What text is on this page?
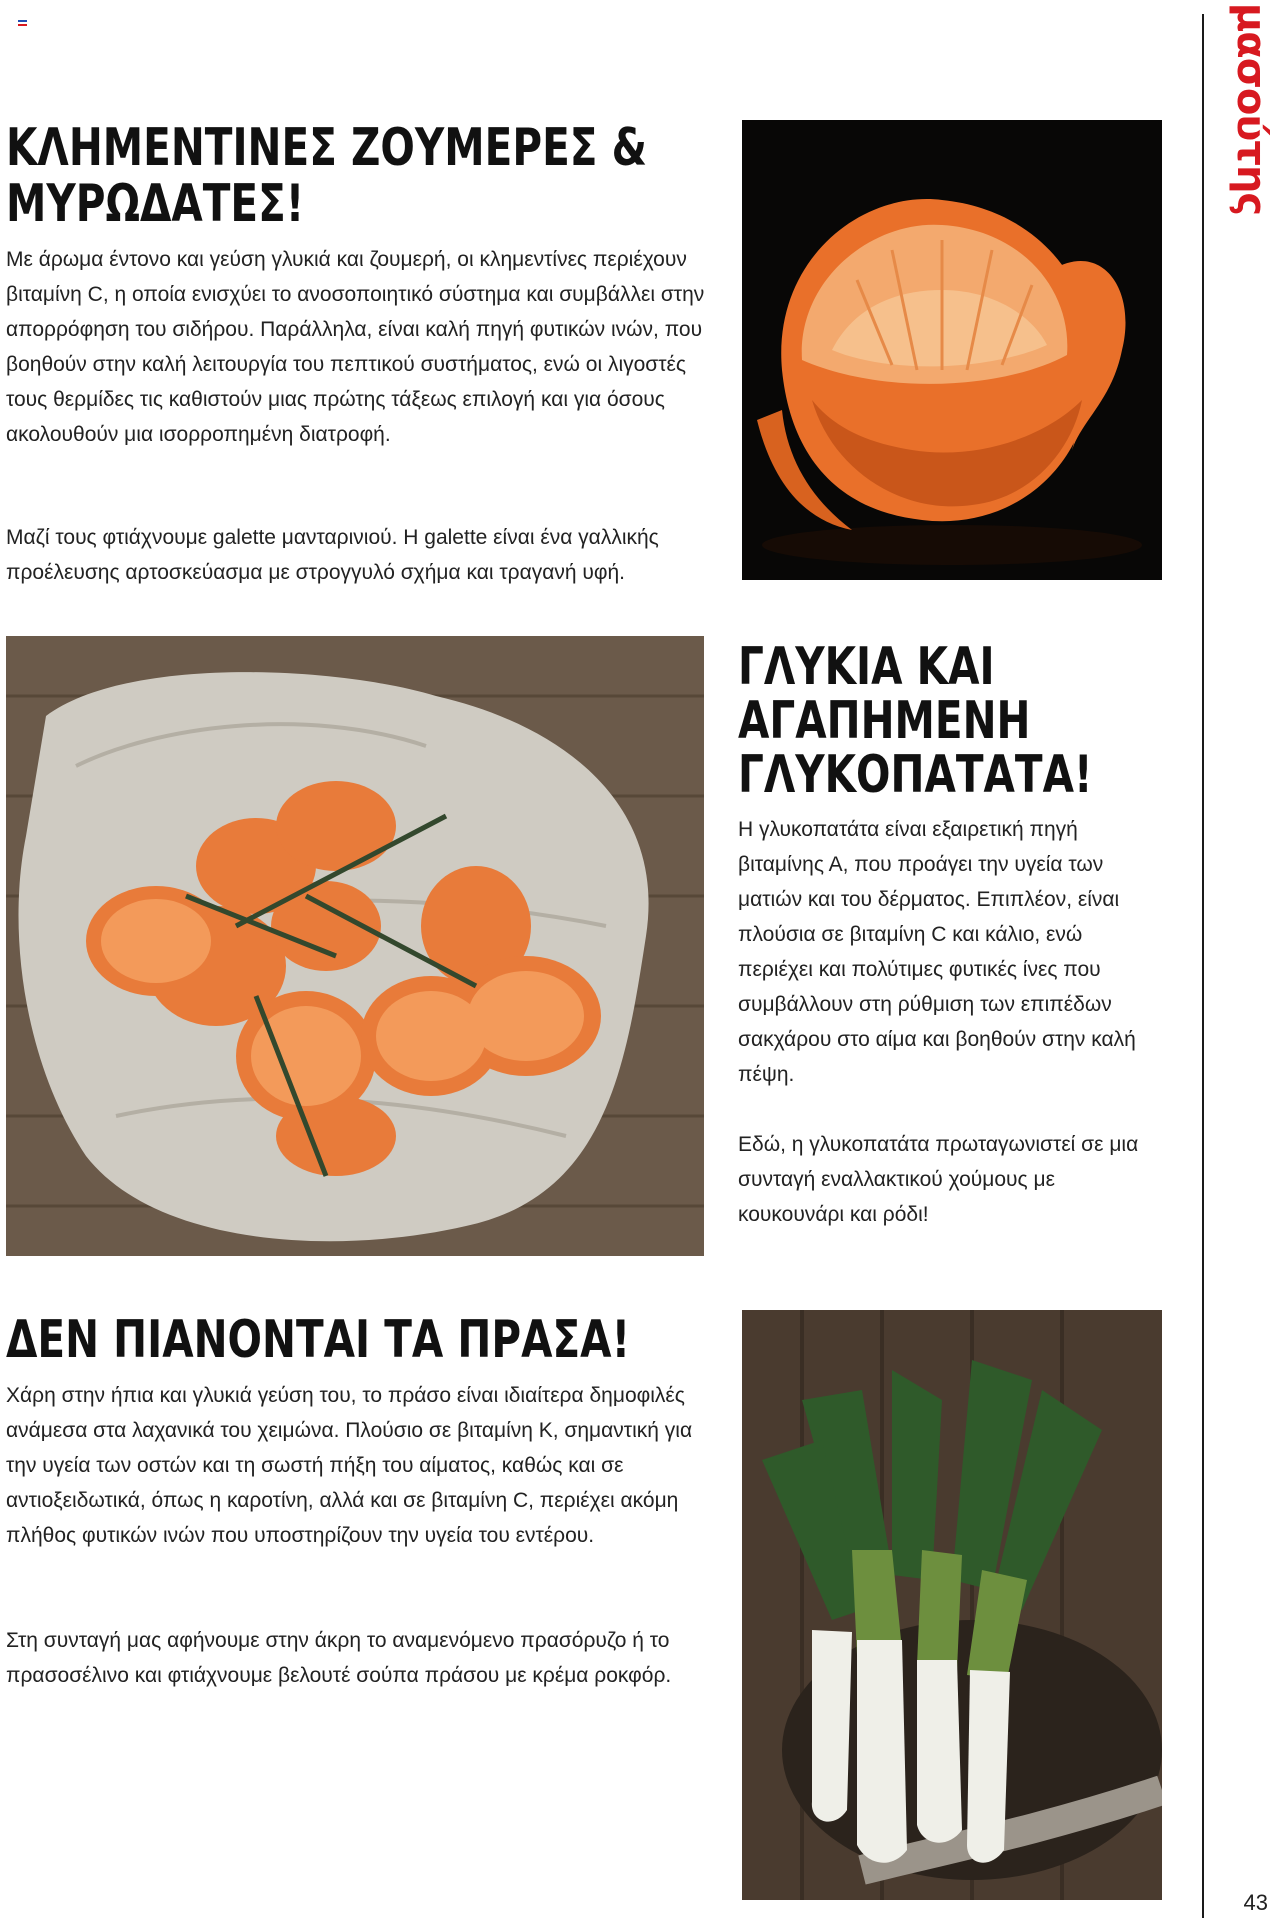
μασούτης
ΚΛΗΜΕΝΤΙΝΕΣ ΖΟΥΜΕΡΕΣ &
ΜΥΡΩΔΑΤΕΣ!

Με άρωμα έντονο και γεύση γλυκιά και ζουμερή, οι κλημεντίνες περιέχουν βιταμίνη C, η οποία ενισχύει το ανοσοποιητικό σύστημα και συμβάλλει στην απορρόφηση του σιδήρου. Παράλληλα, είναι καλή πηγή φυτικών ινών, που βοηθούν στην καλή λειτουργία του πεπτικού συστήματος, ενώ οι λιγοστές τους θερμίδες τις καθιστούν μιας πρώτης τάξεως επιλογή και για όσους ακολουθούν μια ισορροπημένη διατροφή.

Μαζί τους φτιάχνουμε galette μανταρινιού. Η galette είναι ένα γαλλικής προέλευσης αρτοσκεύασμα με στρογγυλό σχήμα και τραγανή υφή.

ΓΛΥΚΙΑ ΚΑΙ
ΑΓΑΠΗΜΕΝΗ
ΓΛΥΚΟΠΑΤΑΤΑ!

Η γλυκοπατάτα είναι εξαιρετική πηγή βιταμίνης Α, που προάγει την υγεία των ματιών και του δέρματος. Επιπλέον, είναι πλούσια σε βιταμίνη C και κάλιο, ενώ περιέχει και πολύτιμες φυτικές ίνες που συμβάλλουν στη ρύθμιση των επιπέδων σακχάρου στο αίμα και βοηθούν στην καλή πέψη.

Εδώ, η γλυκοπατάτα πρωταγωνιστεί σε μια συνταγή εναλλακτικού χούμους με κουκουνάρι και ρόδι!

ΔΕΝ ΠΙΑΝΟΝΤΑΙ ΤΑ ΠΡΑΣΑ!

Χάρη στην ήπια και γλυκιά γεύση του, το πράσο είναι ιδιαίτερα δημοφιλές ανάμεσα στα λαχανικά του χειμώνα. Πλούσιο σε βιταμίνη Κ, σημαντική για την υγεία των οστών και τη σωστή πήξη του αίματος, καθώς και σε αντιοξειδωτικά, όπως η καροτίνη, αλλά και σε βιταμίνη C, περιέχει ακόμη πλήθος φυτικών ινών που υποστηρίζουν την υγεία του εντέρου.

Στη συνταγή μας αφήνουμε στην άκρη το αναμενόμενο πρασόρυζο ή το πρασοσέλινο και φτιάχνουμε βελουτέ σούπα πράσου με κρέμα ροκφόρ.

43
